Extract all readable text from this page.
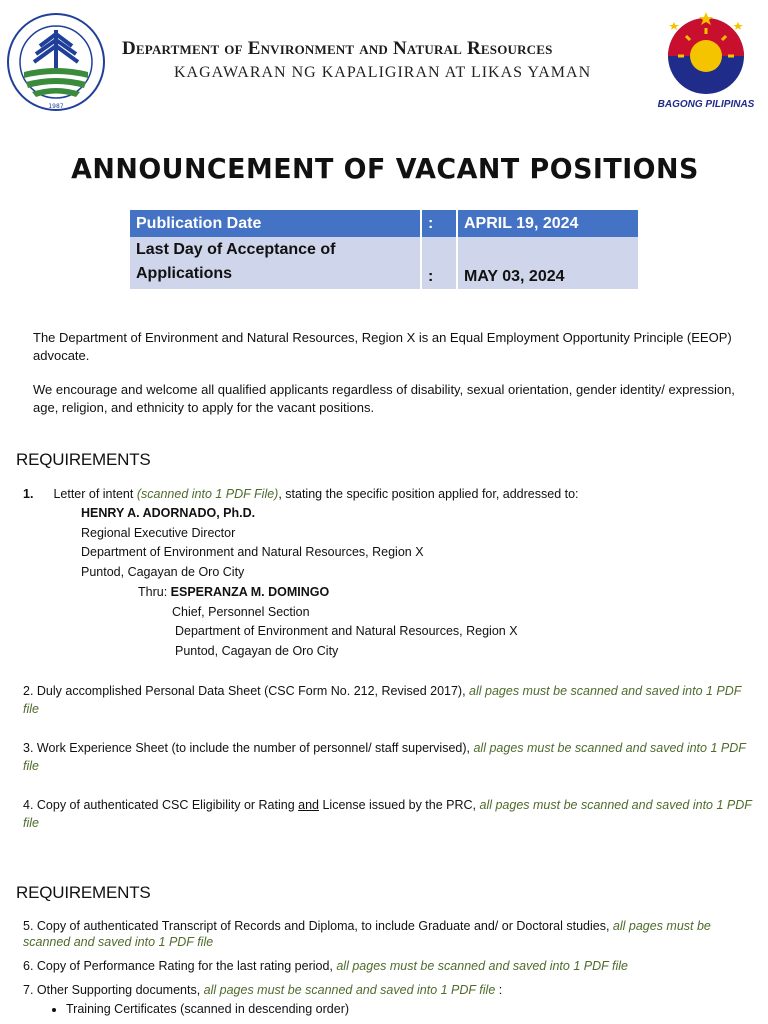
1987
Department of Environment and Natural Resources
KAGAWARAN NG KAPALIGIRAN AT LIKAS YAMAN
BAGONG PILIPINAS
ANNOUNCEMENT OF VACANT POSITIONS
Publication Date	:	APRIL 19, 2024
Last Day of Acceptance of
Applications	:	MAY 03, 2024
The Department of Environment and Natural Resources, Region X is an Equal Employment Opportunity Principle (EEOP) advocate.
We encourage and welcome all qualified applicants regardless of disability, sexual orientation, gender identity/ expression, age, religion, and ethnicity to apply for the vacant positions.
REQUIREMENTS
1. Letter of intent (scanned into 1 PDF File), stating the specific position applied for, addressed to:
HENRY A. ADORNADO, Ph.D.
Regional Executive Director
Department of Environment and Natural Resources, Region X
Puntod, Cagayan de Oro City
Thru: ESPERANZA M. DOMINGO
Chief, Personnel Section
Department of Environment and Natural Resources, Region X
Puntod, Cagayan de Oro City
2. Duly accomplished Personal Data Sheet (CSC Form No. 212, Revised 2017), all pages must be scanned and saved into 1 PDF file
3. Work Experience Sheet (to include the number of personnel/ staff supervised), all pages must be scanned and saved into 1 PDF file
4. Copy of authenticated CSC Eligibility or Rating and License issued by the PRC, all pages must be scanned and saved into 1 PDF file
REQUIREMENTS
5. Copy of authenticated Transcript of Records and Diploma, to include Graduate and/ or Doctoral studies, all pages must be scanned and saved into 1 PDF file
6. Copy of Performance Rating for the last rating period, all pages must be scanned and saved into 1 PDF file
7. Other Supporting documents, all pages must be scanned and saved into 1 PDF file :
• Training Certificates (scanned in descending order)
